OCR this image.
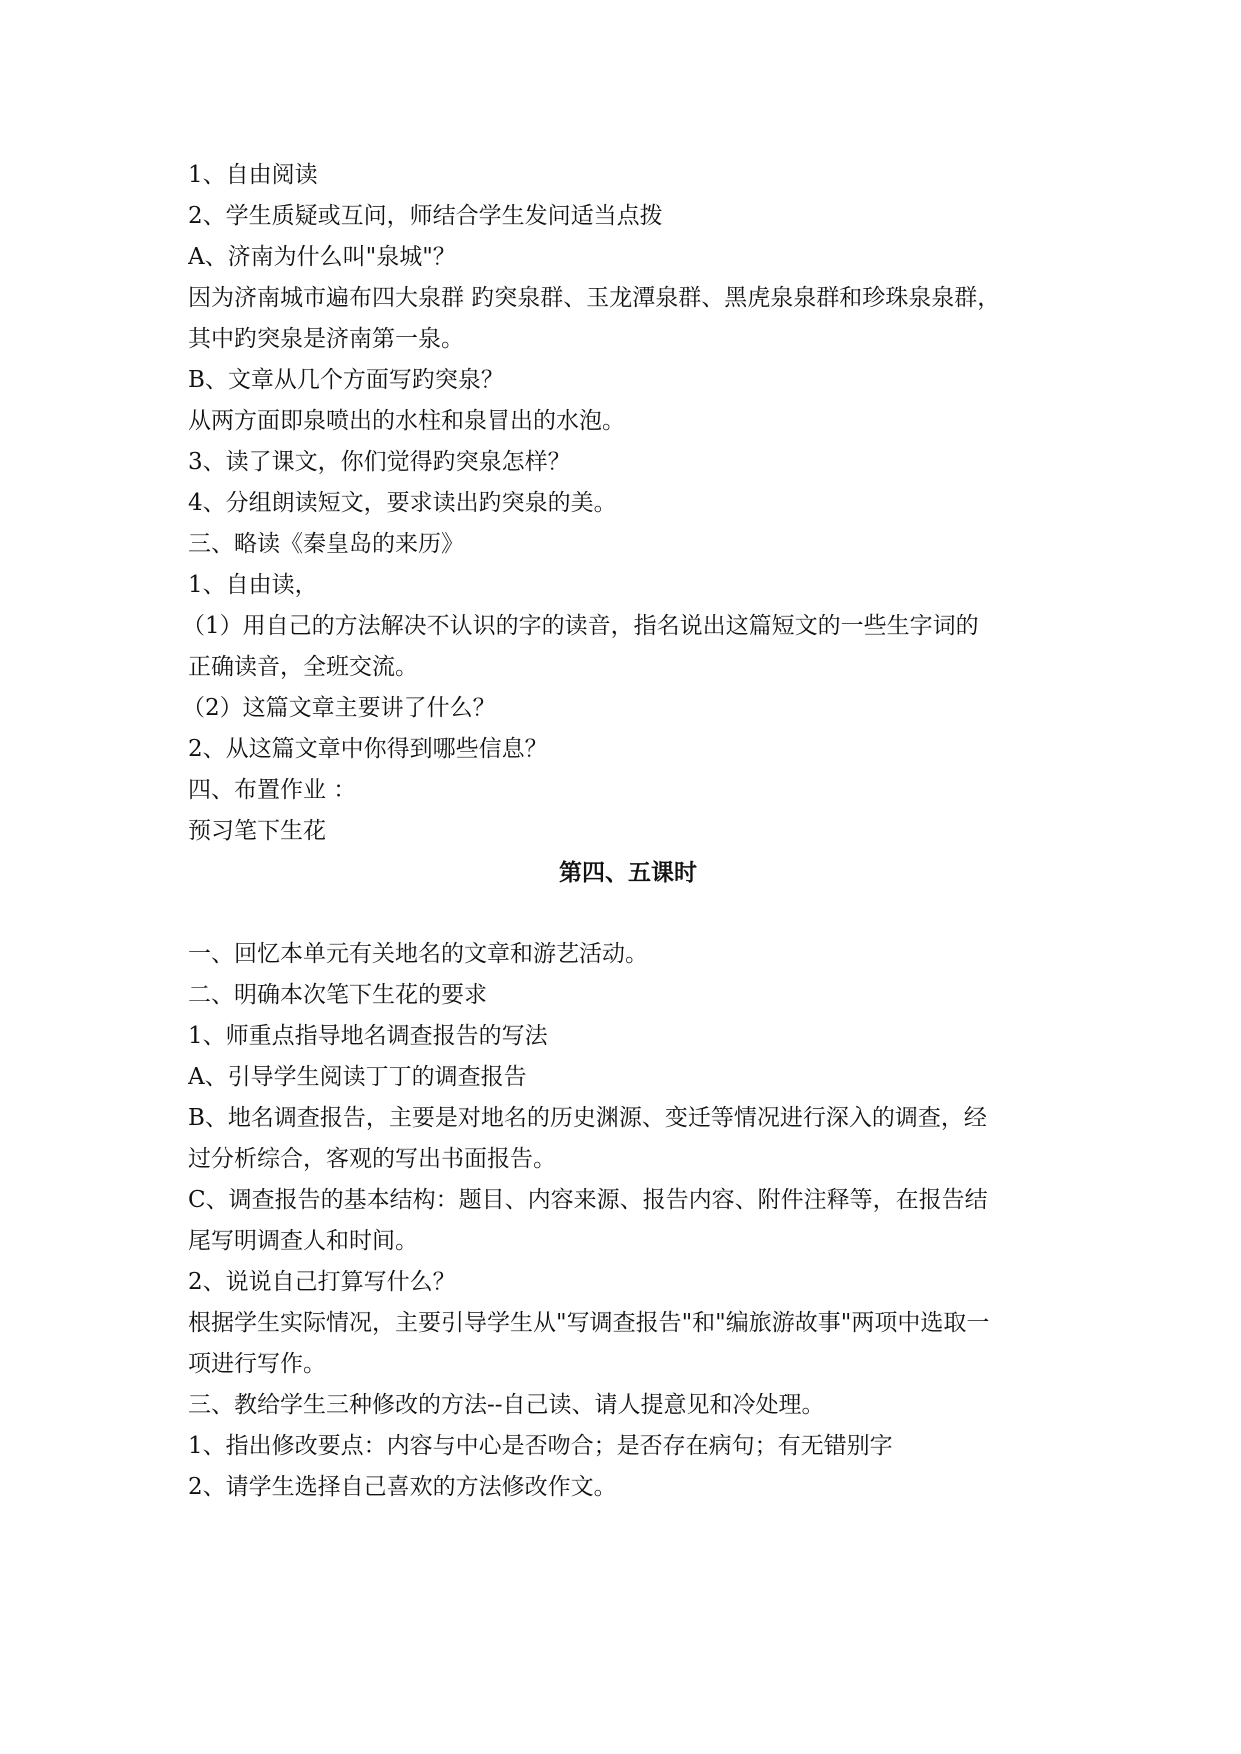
1、自由阅读
2、学生质疑或互问，师结合学生发问适当点拨
A、济南为什么叫"泉城"？
因为济南城市遍布四大泉群 趵突泉群、玉龙潭泉群、黑虎泉泉群和珍珠泉泉群，
其中趵突泉是济南第一泉。
B、文章从几个方面写趵突泉？
从两方面即泉喷出的水柱和泉冒出的水泡。
3、读了课文，你们觉得趵突泉怎样？
4、分组朗读短文，要求读出趵突泉的美。
三、略读《秦皇岛的来历》
1、自由读，
（1）用自己的方法解决不认识的字的读音，指名说出这篇短文的一些生字词的
正确读音，全班交流。
（2）这篇文章主要讲了什么？
2、从这篇文章中你得到哪些信息？
四、布置作业 ：
预习笔下生花
第四、五课时
一、回忆本单元有关地名的文章和游艺活动。
二、明确本次笔下生花的要求
1、师重点指导地名调查报告的写法
A、引导学生阅读丁丁的调查报告
B、地名调查报告，主要是对地名的历史渊源、变迁等情况进行深入的调查，经
过分析综合，客观的写出书面报告。
C、调查报告的基本结构：题目、内容来源、报告内容、附件注释等，在报告结
尾写明调查人和时间。
2、说说自己打算写什么？
根据学生实际情况，主要引导学生从"写调查报告"和"编旅游故事"两项中选取一
项进行写作。
三、教给学生三种修改的方法--自己读、请人提意见和冷处理。
1、指出修改要点：内容与中心是否吻合；是否存在病句；有无错别字
2、请学生选择自己喜欢的方法修改作文。
